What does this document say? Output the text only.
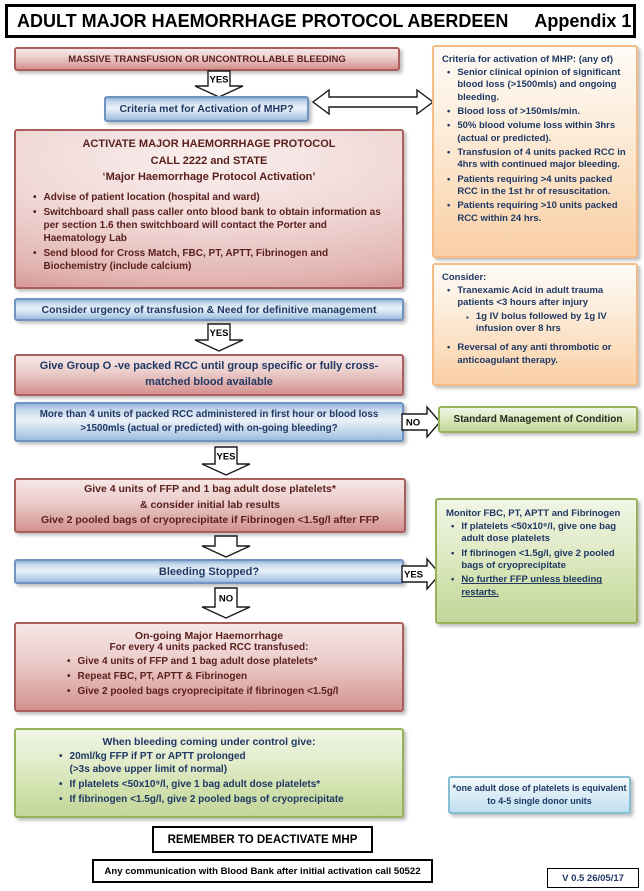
ADULT MAJOR HAEMORRHAGE PROTOCOL ABERDEEN Appendix 1
MASSIVE TRANSFUSION OR UNCONTROLLABLE BLEEDING
YES
Criteria met for Activation of MHP?
Criteria for activation of MHP: (any of)
• Senior clinical opinion of significant blood loss (>1500mls) and ongoing bleeding.
• Blood loss of >150mls/min.
• 50% blood volume loss within 3hrs (actual or predicted).
• Transfusion of 4 units packed RCC in 4hrs with continued major bleeding.
• Patients requiring >4 units packed RCC in the 1st hr of resuscitation.
• Patients requiring >10 units packed RCC within 24 hrs.
Consider:
• Tranexamic Acid in adult trauma patients <3 hours after injury
▪ 1g IV bolus followed by 1g IV infusion over 8 hrs
• Reversal of any anti thrombotic or anticoagulant therapy.
ACTIVATE MAJOR HAEMORRHAGE PROTOCOL
CALL 2222 and STATE
‘Major Haemorrhage Protocol Activation’
• Advise of patient location (hospital and ward)
• Switchboard shall pass caller onto blood bank to obtain information as per section 1.6 then switchboard will contact the Porter and Haematology Lab
• Send blood for Cross Match, FBC, PT, APTT, Fibrinogen and Biochemistry (include calcium)
Consider urgency of transfusion & Need for definitive management
YES
Give Group O -ve packed RCC until group specific or fully cross-
matched blood available
More than 4 units of packed RCC administered in first hour or blood loss
>1500mls (actual or predicted) with on-going bleeding?	NO	Standard Management of Condition
YES
Give 4 units of FFP and 1 bag adult dose platelets*
& consider initial lab results
Give 2 pooled bags of cryoprecipitate if Fibrinogen <1.5g/l after FFP
Bleeding Stopped?	YES
Monitor FBC, PT, APTT and Fibrinogen
• If platelets <50x10⁹/l, give one bag adult dose platelets
• If fibrinogen <1.5g/l, give 2 pooled bags of cryoprecipitate
• No further FFP unless bleeding restarts.
NO
On-going Major Haemorrhage
For every 4 units packed RCC transfused:
• Give 4 units of FFP and 1 bag adult dose platelets*
• Repeat FBC, PT, APTT & Fibrinogen
• Give 2 pooled bags cryoprecipitate if fibrinogen <1.5g/l
When bleeding coming under control give:
• 20ml/kg FFP if PT or APTT prolonged
(>3s above upper limit of normal)
• If platelets <50x10⁹/l, give 1 bag adult dose platelets*
• If fibrinogen <1.5g/l, give 2 pooled bags of cryoprecipitate
*one adult dose of platelets is equivalent
to 4-5 single donor units
REMEMBER TO DEACTIVATE MHP
Any communication with Blood Bank after initial activation call 50522
V 0.5 26/05/17
